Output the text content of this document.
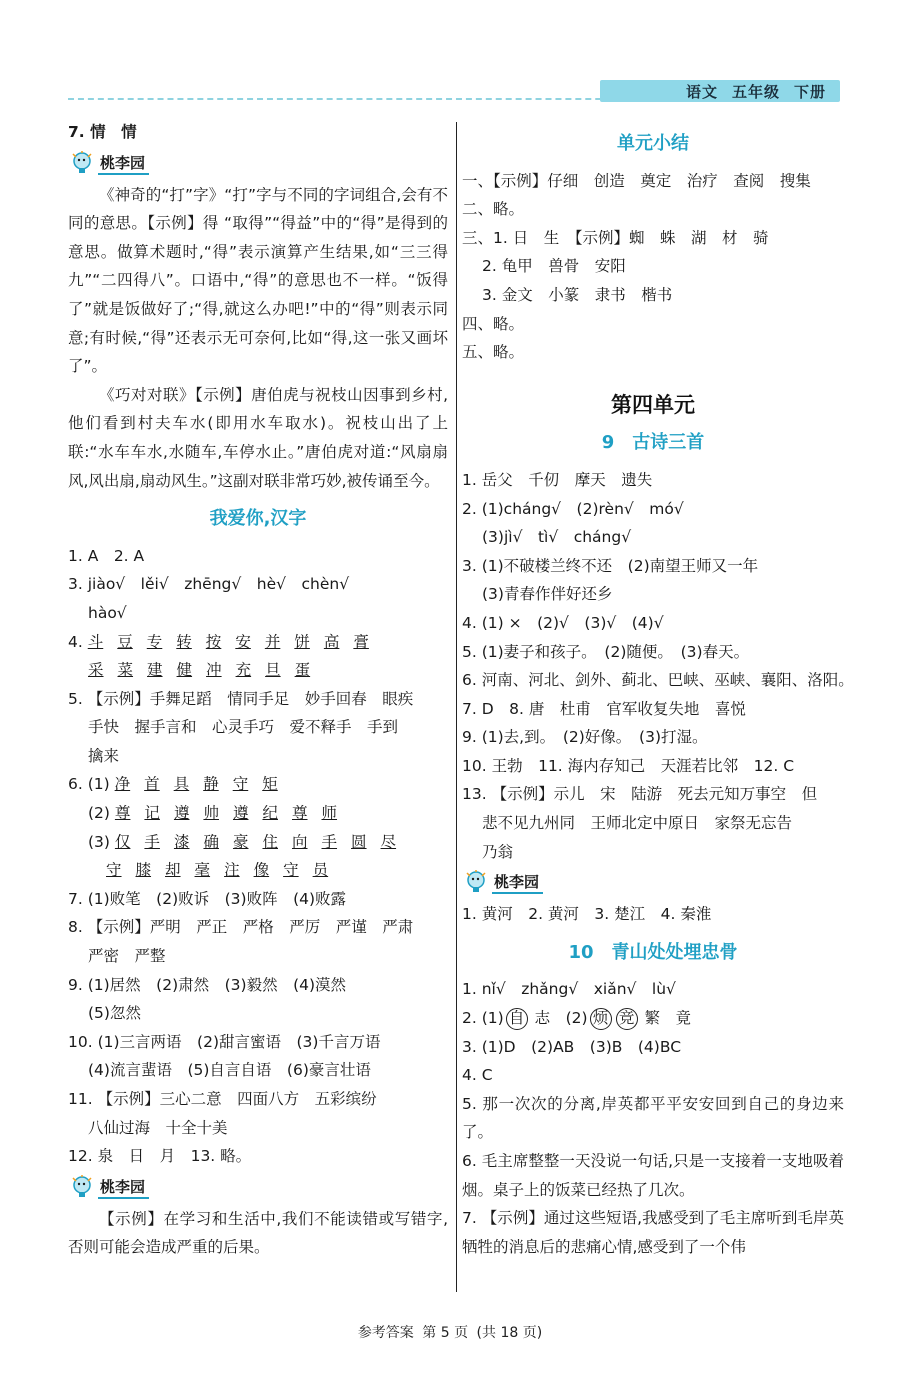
语文 五年级 下册
7. 情　情
桃李园
《神奇的“打”字》“打”字与不同的字词组合,会有不同的意思。【示例】得 “取得”“得益”中的“得”是得到的意思。做算术题时,“得”表示演算产生结果,如“三三得九”“二四得八”。口语中,“得”的意思也不一样。“饭得了”就是饭做好了;“得,就这么办吧!”中的“得”则表示同意;有时候,“得”还表示无可奈何,比如“得,这一张又画坏了”。
《巧对对联》【示例】唐伯虎与祝枝山因事到乡村,他们看到村夫车水(即用水车取水)。祝枝山出了上联:“水车车水,水随车,车停水止。”唐伯虎对道:“风扇扇风,风出扇,扇动风生。”这副对联非常巧妙,被传诵至今。
我爱你,汉字
1. A　2. A
3. jiào√　lěi√　zhēng√　hè√　chèn√
hào√
4. 斗 豆 专 转 按 安 并 饼 高 膏
采 菜 建 健 冲 充 旦 蛋
5. 【示例】手舞足蹈　情同手足　妙手回春　眼疾
手快　握手言和　心灵手巧　爱不释手　手到
擒来
6. (1) 净 首 具 静 守 矩
(2) 尊 记 遵 帅 遵 纪 尊 师
(3) 仅 手 漆 确 豪 住 向 手 圆 尽
守 膝 却 毫 注 像 守 员
7. (1)败笔　(2)败诉　(3)败阵　(4)败露
8. 【示例】严明　严正　严格　严厉　严谨　严肃
严密　严整
9. (1)居然　(2)肃然　(3)毅然　(4)漠然
(5)忽然
10. (1)三言两语　(2)甜言蜜语　(3)千言万语
(4)流言蜚语　(5)自言自语　(6)豪言壮语
11. 【示例】三心二意　四面八方　五彩缤纷
八仙过海　十全十美
12. 泉　日　月　13. 略。
桃李园
【示例】在学习和生活中,我们不能读错或写错字,否则可能会造成严重的后果。
单元小结
一、【示例】仔细　创造　奠定　治疗　查阅　搜集
二、略。
三、1. 日　生　【示例】蜘　蛛　湖　材　骑
2. 龟甲　兽骨　安阳
3. 金文　小篆　隶书　楷书
四、略。
五、略。
第四单元
9　古诗三首
1. 岳父　千仞　摩天　遗失
2. (1)cháng√　(2)rèn√　mó√
(3)jì√　tì√　cháng√
3. (1)不破楼兰终不还　(2)南望王师又一年
(3)青春作伴好还乡
4. (1) ×　(2)√　(3)√　(4)√
5. (1)妻子和孩子。　(2)随便。　(3)春天。
6. 河南、河北、剑外、蓟北、巴峡、巫峡、襄阳、洛阳。
7. D　8. 唐　杜甫　官军收复失地　喜悦
9. (1)去,到。　(2)好像。　(3)打湿。
10. 王勃　11. 海内存知己　天涯若比邻　12. C
13. 【示例】示儿　宋　陆游　死去元知万事空　但
悲不见九州同　王师北定中原日　家祭无忘告
乃翁
桃李园
1. 黄河　2. 黄河　3. 楚江　4. 秦淮
10　青山处处埋忠骨
1. nǐ√　zhǎng√　xiǎn√　lù√
2. (1) 自 志　(2) 烦 竞 繁　竟
3. (1)D　(2)AB　(3)B　(4)BC
4. C
5. 那一次次的分离,岸英都平平安安回到自己的身边来了。
6. 毛主席整整一天没说一句话,只是一支接着一支地吸着烟。桌子上的饭菜已经热了几次。
7. 【示例】通过这些短语,我感受到了毛主席听到毛岸英牺牲的消息后的悲痛心情,感受到了一个伟
参考答案 第 5 页 (共 18 页)
